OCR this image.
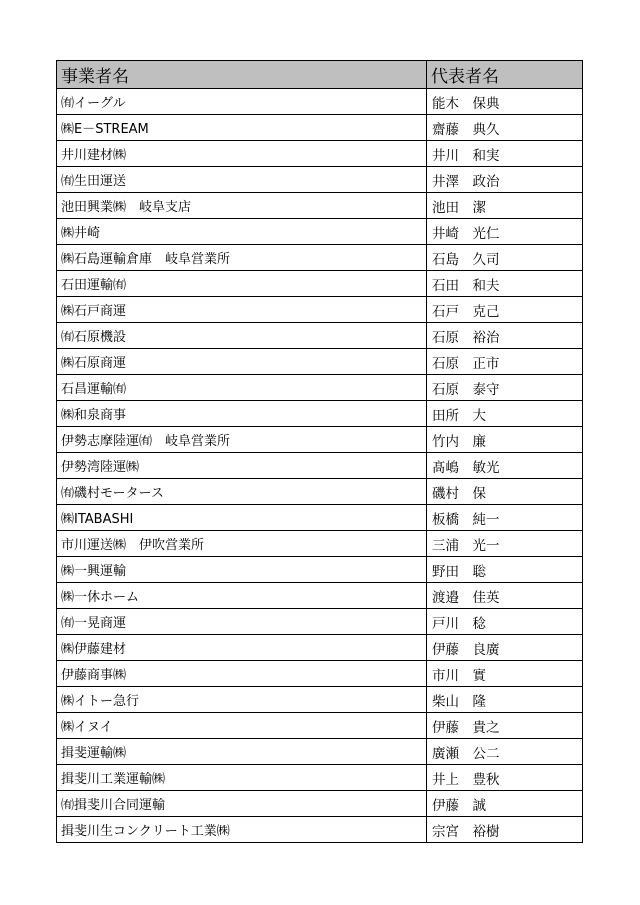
事業者名	代表者名
㈲イーグル	能木　保典
㈱E－STREAM	齋藤　典久
井川建材㈱	井川　和実
㈲生田運送	井澤　政治
池田興業㈱　岐阜支店	池田　潔
㈱井崎	井崎　光仁
㈱石島運輸倉庫　岐阜営業所	石島　久司
石田運輸㈲	石田　和夫
㈱石戸商運	石戸　克己
㈲石原機設	石原　裕治
㈱石原商運	石原　正市
石昌運輸㈲	石原　泰守
㈱和泉商事	田所　大
伊勢志摩陸運㈲　岐阜営業所	竹内　廉
伊勢湾陸運㈱	髙嶋　敏光
㈲磯村モータース	磯村　保
㈱ITABASHI	板橋　純一
市川運送㈱　伊吹営業所	三浦　光一
㈱一興運輸	野田　聡
㈱一休ホーム	渡邉　佳英
㈲一晃商運	戸川　稔
㈱伊藤建材	伊藤　良廣
伊藤商事㈱	市川　實
㈱イトー急行	柴山　隆
㈱イヌイ	伊藤　貴之
揖斐運輸㈱	廣瀬　公二
揖斐川工業運輸㈱	井上　豊秋
㈲揖斐川合同運輸	伊藤　誠
揖斐川生コンクリート工業㈱	宗宮　裕樹
